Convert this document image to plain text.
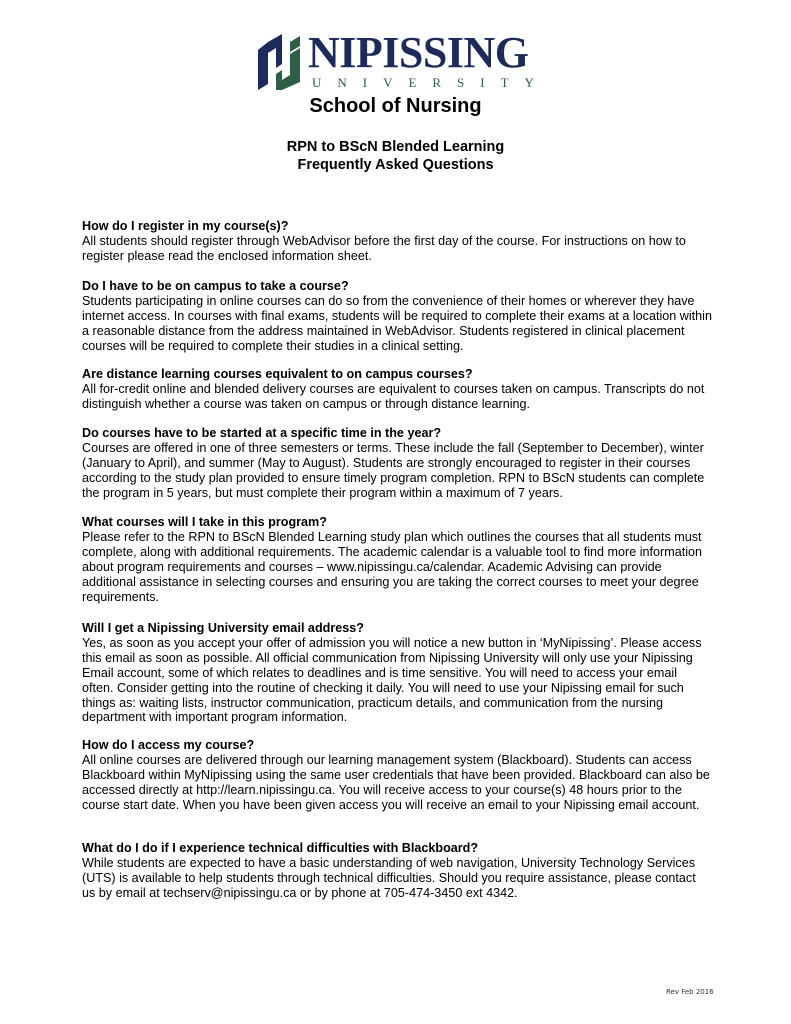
NIPISSING
U N I V E R S I T Y
School of Nursing
RPN to BScN Blended Learning
Frequently Asked Questions
How do I register in my course(s)?
All students should register through WebAdvisor before the first day of the course. For instructions on how to register please read the enclosed information sheet.
Do I have to be on campus to take a course?
Students participating in online courses can do so from the convenience of their homes or wherever they have internet access. In courses with final exams, students will be required to complete their exams at a location within a reasonable distance from the address maintained in WebAdvisor. Students registered in clinical placement courses will be required to complete their studies in a clinical setting.
Are distance learning courses equivalent to on campus courses?
All for-credit online and blended delivery courses are equivalent to courses taken on campus. Transcripts do not distinguish whether a course was taken on campus or through distance learning.
Do courses have to be started at a specific time in the year?
Courses are offered in one of three semesters or terms. These include the fall (September to December), winter (January to April), and summer (May to August). Students are strongly encouraged to register in their courses according to the study plan provided to ensure timely program completion. RPN to BScN students can complete the program in 5 years, but must complete their program within a maximum of 7 years.
What courses will I take in this program?
Please refer to the RPN to BScN Blended Learning study plan which outlines the courses that all students must complete, along with additional requirements. The academic calendar is a valuable tool to find more information about program requirements and courses – www.nipissingu.ca/calendar. Academic Advising can provide additional assistance in selecting courses and ensuring you are taking the correct courses to meet your degree requirements.
Will I get a Nipissing University email address?
Yes, as soon as you accept your offer of admission you will notice a new button in ‘MyNipissing’. Please access this email as soon as possible. All official communication from Nipissing University will only use your Nipissing Email account, some of which relates to deadlines and is time sensitive. You will need to access your email often. Consider getting into the routine of checking it daily. You will need to use your Nipissing email for such things as: waiting lists, instructor communication, practicum details, and communication from the nursing department with important program information.
How do I access my course?
All online courses are delivered through our learning management system (Blackboard). Students can access Blackboard within MyNipissing using the same user credentials that have been provided. Blackboard can also be accessed directly at http://learn.nipissingu.ca. You will receive access to your course(s) 48 hours prior to the course start date. When you have been given access you will receive an email to your Nipissing email account.
What do I do if I experience technical difficulties with Blackboard?
While students are expected to have a basic understanding of web navigation, University Technology Services (UTS) is available to help students through technical difficulties. Should you require assistance, please contact us by email at techserv@nipissingu.ca or by phone at 705-474-3450 ext 4342.
Rev Feb 2016
